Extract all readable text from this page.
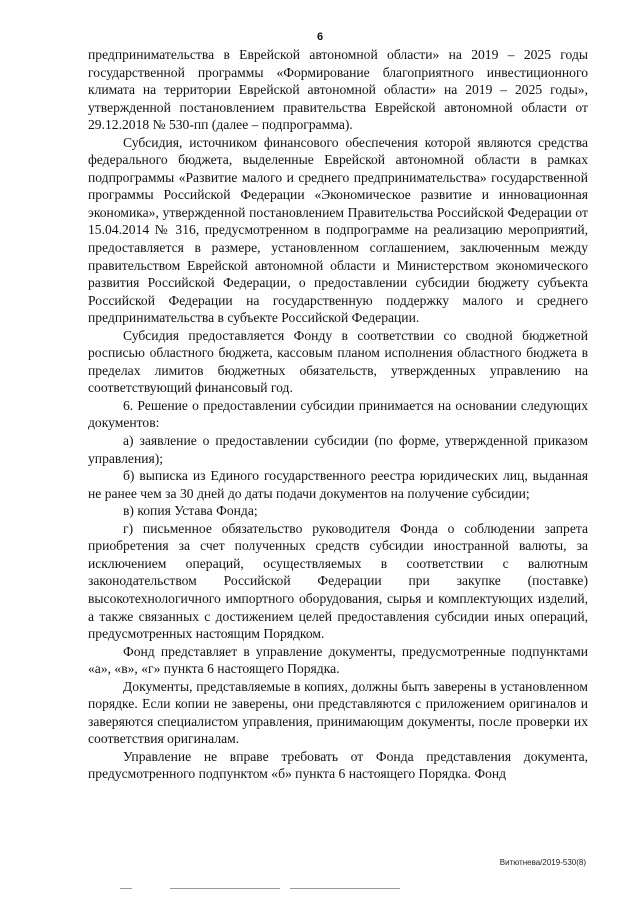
6

предпринимательства в Еврейской автономной области» на 2019 – 2025 годы государственной программы «Формирование благоприятного инвестиционного климата на территории Еврейской автономной области» на 2019 – 2025 годы», утвержденной постановлением правительства Еврейской автономной области от 29.12.2018 № 530-пп (далее – подпрограмма).

Субсидия, источником финансового обеспечения которой являются средства федерального бюджета, выделенные Еврейской автономной области в рамках подпрограммы «Развитие малого и среднего предпринимательства» государственной программы Российской Федерации «Экономическое развитие и инновационная экономика», утвержденной постановлением Правительства Российской Федерации от 15.04.2014 № 316, предусмотренном в подпрограмме на реализацию мероприятий, предоставляется в размере, установленном соглашением, заключенным между правительством Еврейской автономной области и Министерством экономического развития Российской Федерации, о предоставлении субсидии бюджету субъекта Российской Федерации на государственную поддержку малого и среднего предпринимательства в субъекте Российской Федерации.

Субсидия предоставляется Фонду в соответствии со сводной бюджетной росписью областного бюджета, кассовым планом исполнения областного бюджета в пределах лимитов бюджетных обязательств, утвержденных управлению на соответствующий финансовый год.

6. Решение о предоставлении субсидии принимается на основании следующих документов:

а) заявление о предоставлении субсидии (по форме, утвержденной приказом управления);

б) выписка из Единого государственного реестра юридических лиц, выданная не ранее чем за 30 дней до даты подачи документов на получение субсидии;

в) копия Устава Фонда;

г) письменное обязательство руководителя Фонда о соблюдении запрета приобретения за счет полученных средств субсидии иностранной валюты, за исключением операций, осуществляемых в соответствии с валютным законодательством Российской Федерации при закупке (поставке) высокотехнологичного импортного оборудования, сырья и комплектующих изделий, а также связанных с достижением целей предоставления субсидии иных операций, предусмотренных настоящим Порядком.

Фонд представляет в управление документы, предусмотренные подпунктами «а», «в», «г» пункта 6 настоящего Порядка.

Документы, представляемые в копиях, должны быть заверены в установленном порядке. Если копии не заверены, они представляются с приложением оригиналов и заверяются специалистом управления, принимающим документы, после проверки их соответствия оригиналам.

Управление не вправе требовать от Фонда представления документа, предусмотренного подпунктом «б» пункта 6 настоящего Порядка. Фонд

Витютнева/2019-530(8)
